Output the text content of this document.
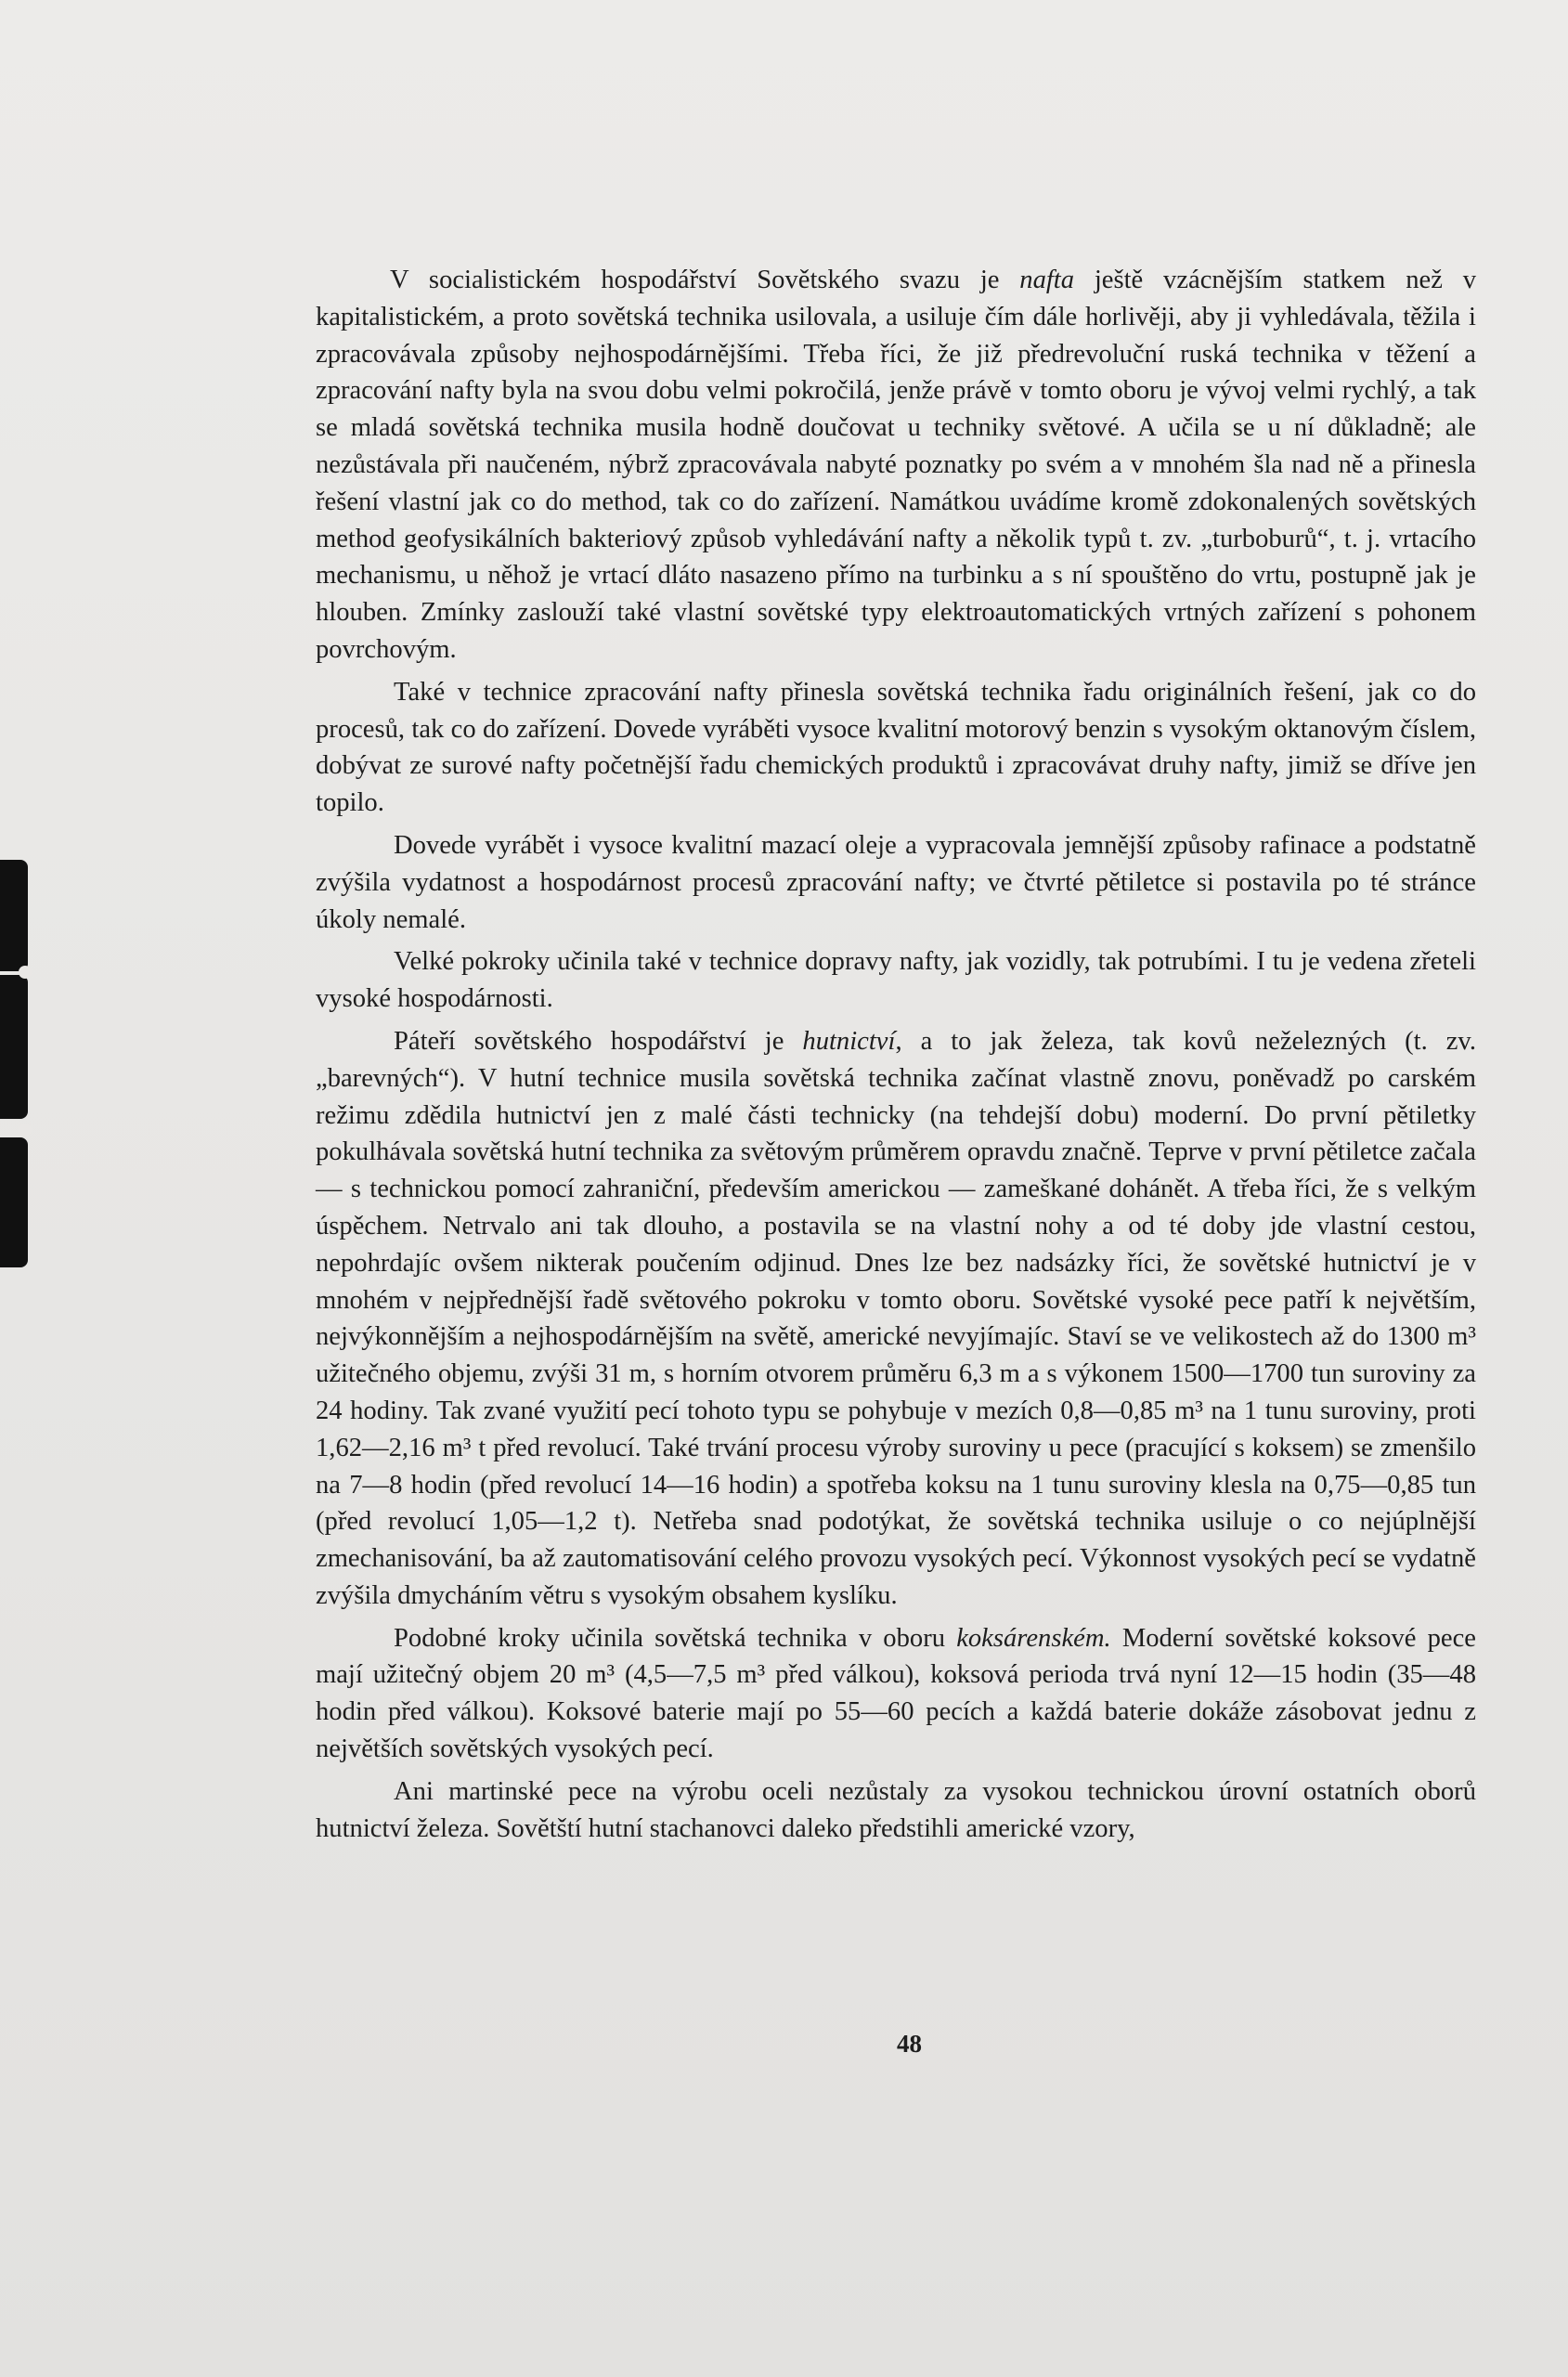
V socialistickém hospodářství Sovětského svazu je nafta ještě vzácnějším statkem než v kapitalistickém, a proto sovětská technika usilovala, a usiluje čím dále horlivěji, aby ji vyhledávala, těžila i zpracovávala způsoby nejhospodárnějšími. Třeba říci, že již předrevoluční ruská technika v těžení a zpracování nafty byla na svou dobu velmi pokročilá, jenže právě v tomto oboru je vývoj velmi rychlý, a tak se mladá sovětská technika musila hodně doučovat u techniky světové. A učila se u ní důkladně; ale nezůstávala při naučeném, nýbrž zpracovávala nabyté poznatky po svém a v mnohém šla nad ně a přinesla řešení vlastní jak co do method, tak co do zařízení. Namátkou uvádíme kromě zdokonalených sovětských method geofysikálních bakteriový způsob vyhledávání nafty a několik typů t. zv. „turboburů“, t. j. vrtacího mechanismu, u něhož je vrtací dláto nasazeno přímo na turbinku a s ní spouštěno do vrtu, postupně jak je hlouben. Zmínky zaslouží také vlastní sovětské typy elektroautomatických vrtných zařízení s pohonem povrchovým.

Také v technice zpracování nafty přinesla sovětská technika řadu originálních řešení, jak co do procesů, tak co do zařízení. Dovede vyráběti vysoce kvalitní motorový benzin s vysokým oktanovým číslem, dobývat ze surové nafty početnější řadu chemických produktů i zpracovávat druhy nafty, jimiž se dříve jen topilo.

Dovede vyrábět i vysoce kvalitní mazací oleje a vypracovala jemnější způsoby rafinace a podstatně zvýšila vydatnost a hospodárnost procesů zpracování nafty; ve čtvrté pětiletce si postavila po té stránce úkoly nemalé.

Velké pokroky učinila také v technice dopravy nafty, jak vozidly, tak potrubími. I tu je vedena zřeteli vysoké hospodárnosti.

Páteří sovětského hospodářství je hutnictví, a to jak železa, tak kovů neželezných (t. zv. „barevných“). V hutní technice musila sovětská technika začínat vlastně znovu, poněvadž po carském režimu zdědila hutnictví jen z malé části technicky (na tehdejší dobu) moderní. Do první pětiletky pokulhávala sovětská hutní technika za světovým průměrem opravdu značně. Teprve v první pětiletce začala — s technickou pomocí zahraniční, především americkou — zameškané dohánět. A třeba říci, že s velkým úspěchem. Netrvalo ani tak dlouho, a postavila se na vlastní nohy a od té doby jde vlastní cestou, nepohrdajíc ovšem nikterak poučením odjinud. Dnes lze bez nadsázky říci, že sovětské hutnictví je v mnohém v nejpřednější řadě světového pokroku v tomto oboru. Sovětské vysoké pece patří k největším, nejvýkonnějším a nejhospodárnějším na světě, americké nevyjímajíc. Staví se ve velikostech až do 1300 m³ užitečného objemu, zvýši 31 m, s horním otvorem průměru 6,3 m a s výkonem 1500—1700 tun suroviny za 24 hodiny. Tak zvané využití pecí tohoto typu se pohybuje v mezích 0,8—0,85 m³ na 1 tunu suroviny, proti 1,62—2,16 m³ t před revolucí. Také trvání procesu výroby suroviny u pece (pracující s koksem) se zmenšilo na 7—8 hodin (před revolucí 14—16 hodin) a spotřeba koksu na 1 tunu suroviny klesla na 0,75—0,85 tun (před revolucí 1,05—1,2 t). Netřeba snad podotýkat, že sovětská technika usiluje o co nejúplnější zmechanisování, ba až zautomatisování celého provozu vysokých pecí. Výkonnost vysokých pecí se vydatně zvýšila dmycháním větru s vysokým obsahem kyslíku.

Podobné kroky učinila sovětská technika v oboru koksárenském. Moderní sovětské koksové pece mají užitečný objem 20 m³ (4,5—7,5 m³ před válkou), koksová perioda trvá nyní 12—15 hodin (35—48 hodin před válkou). Koksové baterie mají po 55—60 pecích a každá baterie dokáže zásobovat jednu z největších sovětských vysokých pecí.

Ani martinské pece na výrobu oceli nezůstaly za vysokou technickou úrovní ostatních oborů hutnictví železa. Sovětští hutní stachanovci daleko předstihli americké vzory,

48
